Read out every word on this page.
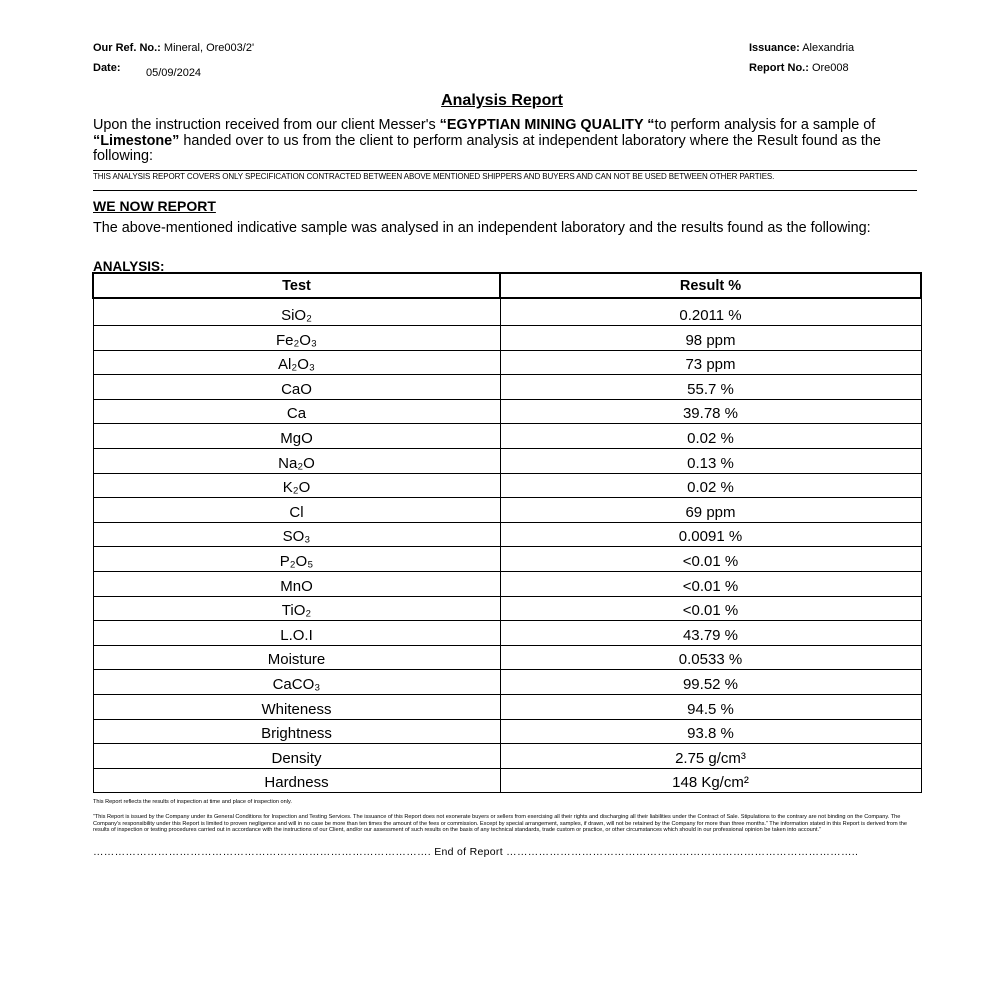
Our Ref. No.: Mineral, Ore003/2'
Date: 05/09/2024
Issuance: Alexandria
Report No.: Ore008
Analysis Report
Upon the instruction received from our client Messer's “EGYPTIAN MINING QUALITY “to perform analysis for a sample of “Limestone” handed over to us from the client to perform analysis at independent laboratory where the Result found as the following:
THIS ANALYSIS REPORT COVERS ONLY SPECIFICATION CONTRACTED BETWEEN ABOVE MENTIONED SHIPPERS AND BUYERS AND CAN NOT BE USED BETWEEN OTHER PARTIES.
WE NOW REPORT
The above-mentioned indicative sample was analysed in an independent laboratory and the results found as the following:
ANALYSIS:
Test	Result %
SiO₂	0.2011 %
Fe₂O₃	98 ppm
Al₂O₃	73 ppm
CaO	55.7 %
Ca	39.78 %
MgO	0.02 %
Na₂O	0.13 %
K₂O	0.02 %
Cl	69 ppm
SO₃	0.0091 %
P₂O₅	<0.01 %
MnO	<0.01 %
TiO₂	<0.01 %
L.O.I	43.79 %
Moisture	0.0533 %
CaCO₃	99.52 %
Whiteness	94.5 %
Brightness	93.8 %
Density	2.75 g/cm³
Hardness	148 Kg/cm²
This Report reflects the results of inspection at time and place of inspection only.
“This Report is issued by the Company under its General Conditions for Inspection and Testing Services. The issuance of this Report does not exonerate buyers or sellers from exercising all their rights and discharging all their liabilities under the Contract of Sale. Stipulations to the contrary are not binding on the Company. The Company's responsibility under this Report is limited to proven negligence and will in no case be more than ten times the amount of the fees or commission. Except by special arrangement, samples, if drawn, will not be retained by the Company for more than three months.” The information stated in this Report is derived from the results of inspection or testing procedures carried out in accordance with the instructions of our Client, and/or our assessment of such results on the basis of any technical standards, trade custom or practice, or other circumstances which should in our professional opinion be taken into account.”
…………………………………………………………………………………. End of Report ……………………………………………………………………………………..
